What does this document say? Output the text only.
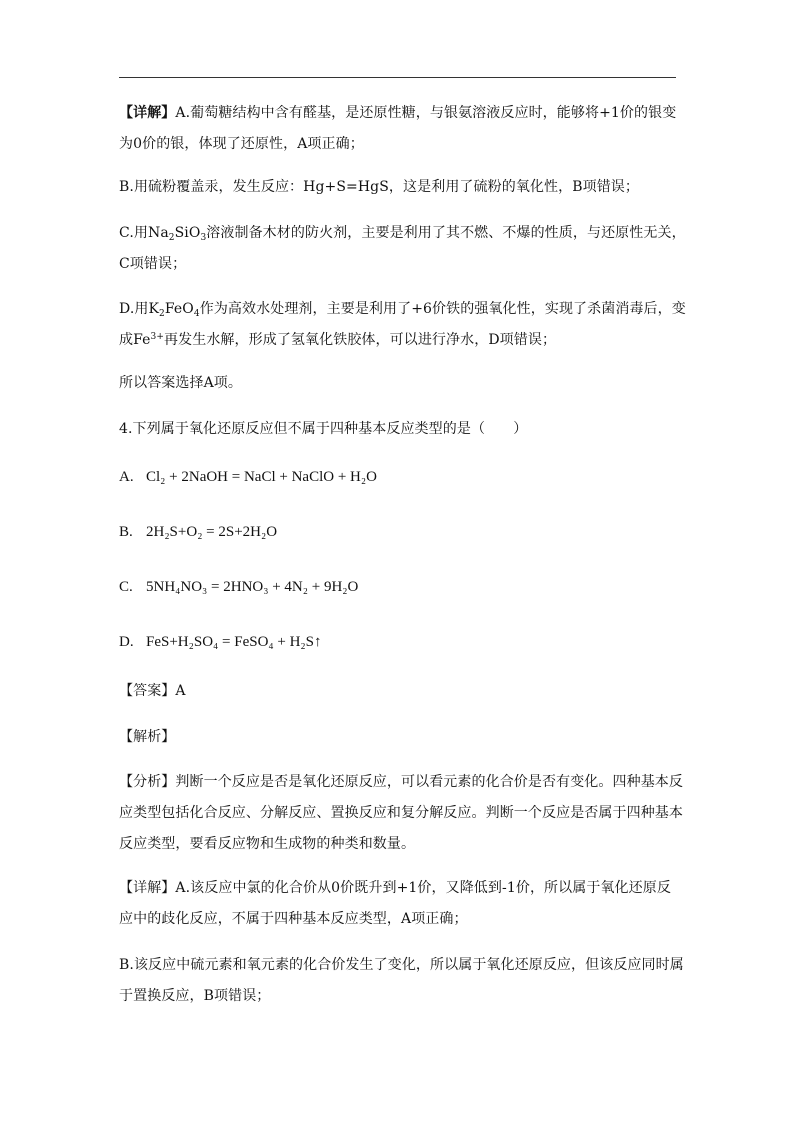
【详解】A.葡萄糖结构中含有醛基，是还原性糖，与银氨溶液反应时，能够将+1价的银变
为0价的银，体现了还原性，A项正确；
B.用硫粉覆盖汞，发生反应：Hg+S=HgS，这是利用了硫粉的氧化性，B项错误；
C.用$Na_2SiO_3$溶液制备木材的防火剂，主要是利用了其不燃、不爆的性质，与还原性无关，
C项错误；
D.用$K_2FeO_4$作为高效水处理剂，主要是利用了+6价铁的强氧化性，实现了杀菌消毒后，变
成$Fe^{3+}$再发生水解，形成了氢氧化铁胶体，可以进行净水，D项错误；
所以答案选择A项。
4.下列属于氧化还原反应但不属于四种基本反应类型的是（　　）
A. Cl₂ + 2NaOH = NaCl + NaClO + H₂O
B. 2H₂S+O₂ = 2S+2H₂O
C. 5NH₄NO₃ = 2HNO₃ + 4N₂ + 9H₂O
D. FeS+H₂SO₄ = FeSO₄ + H₂S↑
【答案】A
【解析】
【分析】判断一个反应是否是氧化还原反应，可以看元素的化合价是否有变化。四种基本反
应类型包括化合反应、分解反应、置换反应和复分解反应。判断一个反应是否属于四种基本
反应类型，要看反应物和生成物的种类和数量。
【详解】A.该反应中氯的化合价从0价既升到+1价，又降低到-1价，所以属于氧化还原反
应中的歧化反应，不属于四种基本反应类型，A项正确；
B.该反应中硫元素和氧元素的化合价发生了变化，所以属于氧化还原反应，但该反应同时属
于置换反应，B项错误；
